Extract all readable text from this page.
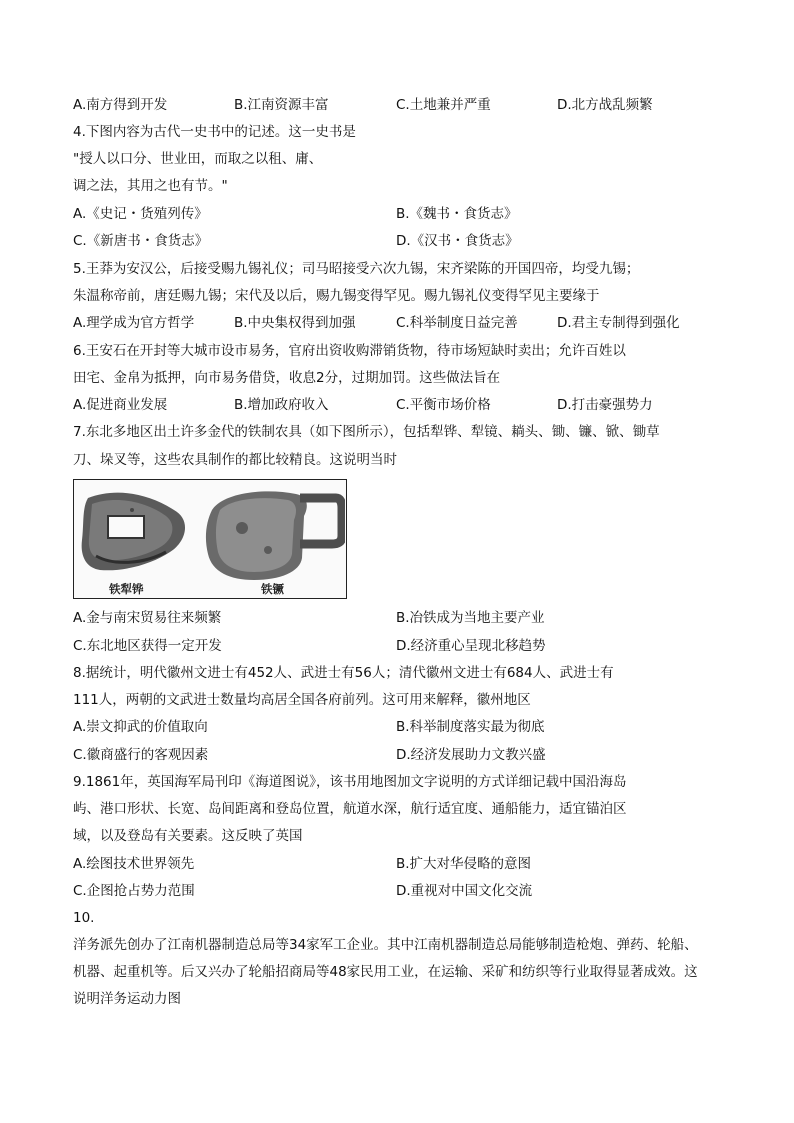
A.南方得到开发	B.江南资源丰富	C.土地兼并严重	D.北方战乱频繁
4.下图内容为古代一史书中的记述。这一史书是
"授人以口分、世业田，而取之以租、庸、
调之法，其用之也有节。"
A.《史记・货殖列传》	B.《魏书・食货志》
C.《新唐书・食货志》	D.《汉书・食货志》
5.王莽为安汉公，后接受赐九锡礼仪；司马昭接受六次九锡，宋齐梁陈的开国四帝，均受九锡；
朱温称帝前，唐廷赐九锡；宋代及以后，赐九锡变得罕见。赐九锡礼仪变得罕见主要缘于
A.理学成为官方哲学	B.中央集权得到加强	C.科举制度日益完善	D.君主专制得到强化
6.王安石在开封等大城市设市易务，官府出资收购滞销货物，待市场短缺时卖出；允许百姓以
田宅、金帛为抵押，向市易务借贷，收息2分，过期加罚。这些做法旨在
A.促进商业发展	B.增加政府收入	C.平衡市场价格	D.打击豪强势力
7.东北多地区出土许多金代的铁制农具（如下图所示），包括犁铧、犁镜、耥头、锄、镰、锨、锄草
刀、垛叉等，这些农具制作的都比较精良。这说明当时
铁犁铧	铁镢
A.金与南宋贸易往来频繁	B.冶铁成为当地主要产业
C.东北地区获得一定开发	D.经济重心呈现北移趋势
8.据统计，明代徽州文进士有452人、武进士有56人；清代徽州文进士有684人、武进士有
111人，两朝的文武进士数量均高居全国各府前列。这可用来解释，徽州地区
A.崇文抑武的价值取向	B.科举制度落实最为彻底
C.徽商盛行的客观因素	D.经济发展助力文教兴盛
9.1861年，英国海军局刊印《海道图说》，该书用地图加文字说明的方式详细记载中国沿海岛
屿、港口形状、长宽、岛间距离和登岛位置，航道水深，航行适宜度、通船能力，适宜锚泊区
域，以及登岛有关要素。这反映了英国
A.绘图技术世界领先	B.扩大对华侵略的意图
C.企图抢占势力范围	D.重视对中国文化交流
10.
洋务派先创办了江南机器制造总局等34家军工企业。其中江南机器制造总局能够制造枪炮、弹药、轮船、
机器、起重机等。后又兴办了轮船招商局等48家民用工业，在运输、采矿和纺织等行业取得显著成效。这
说明洋务运动力图
